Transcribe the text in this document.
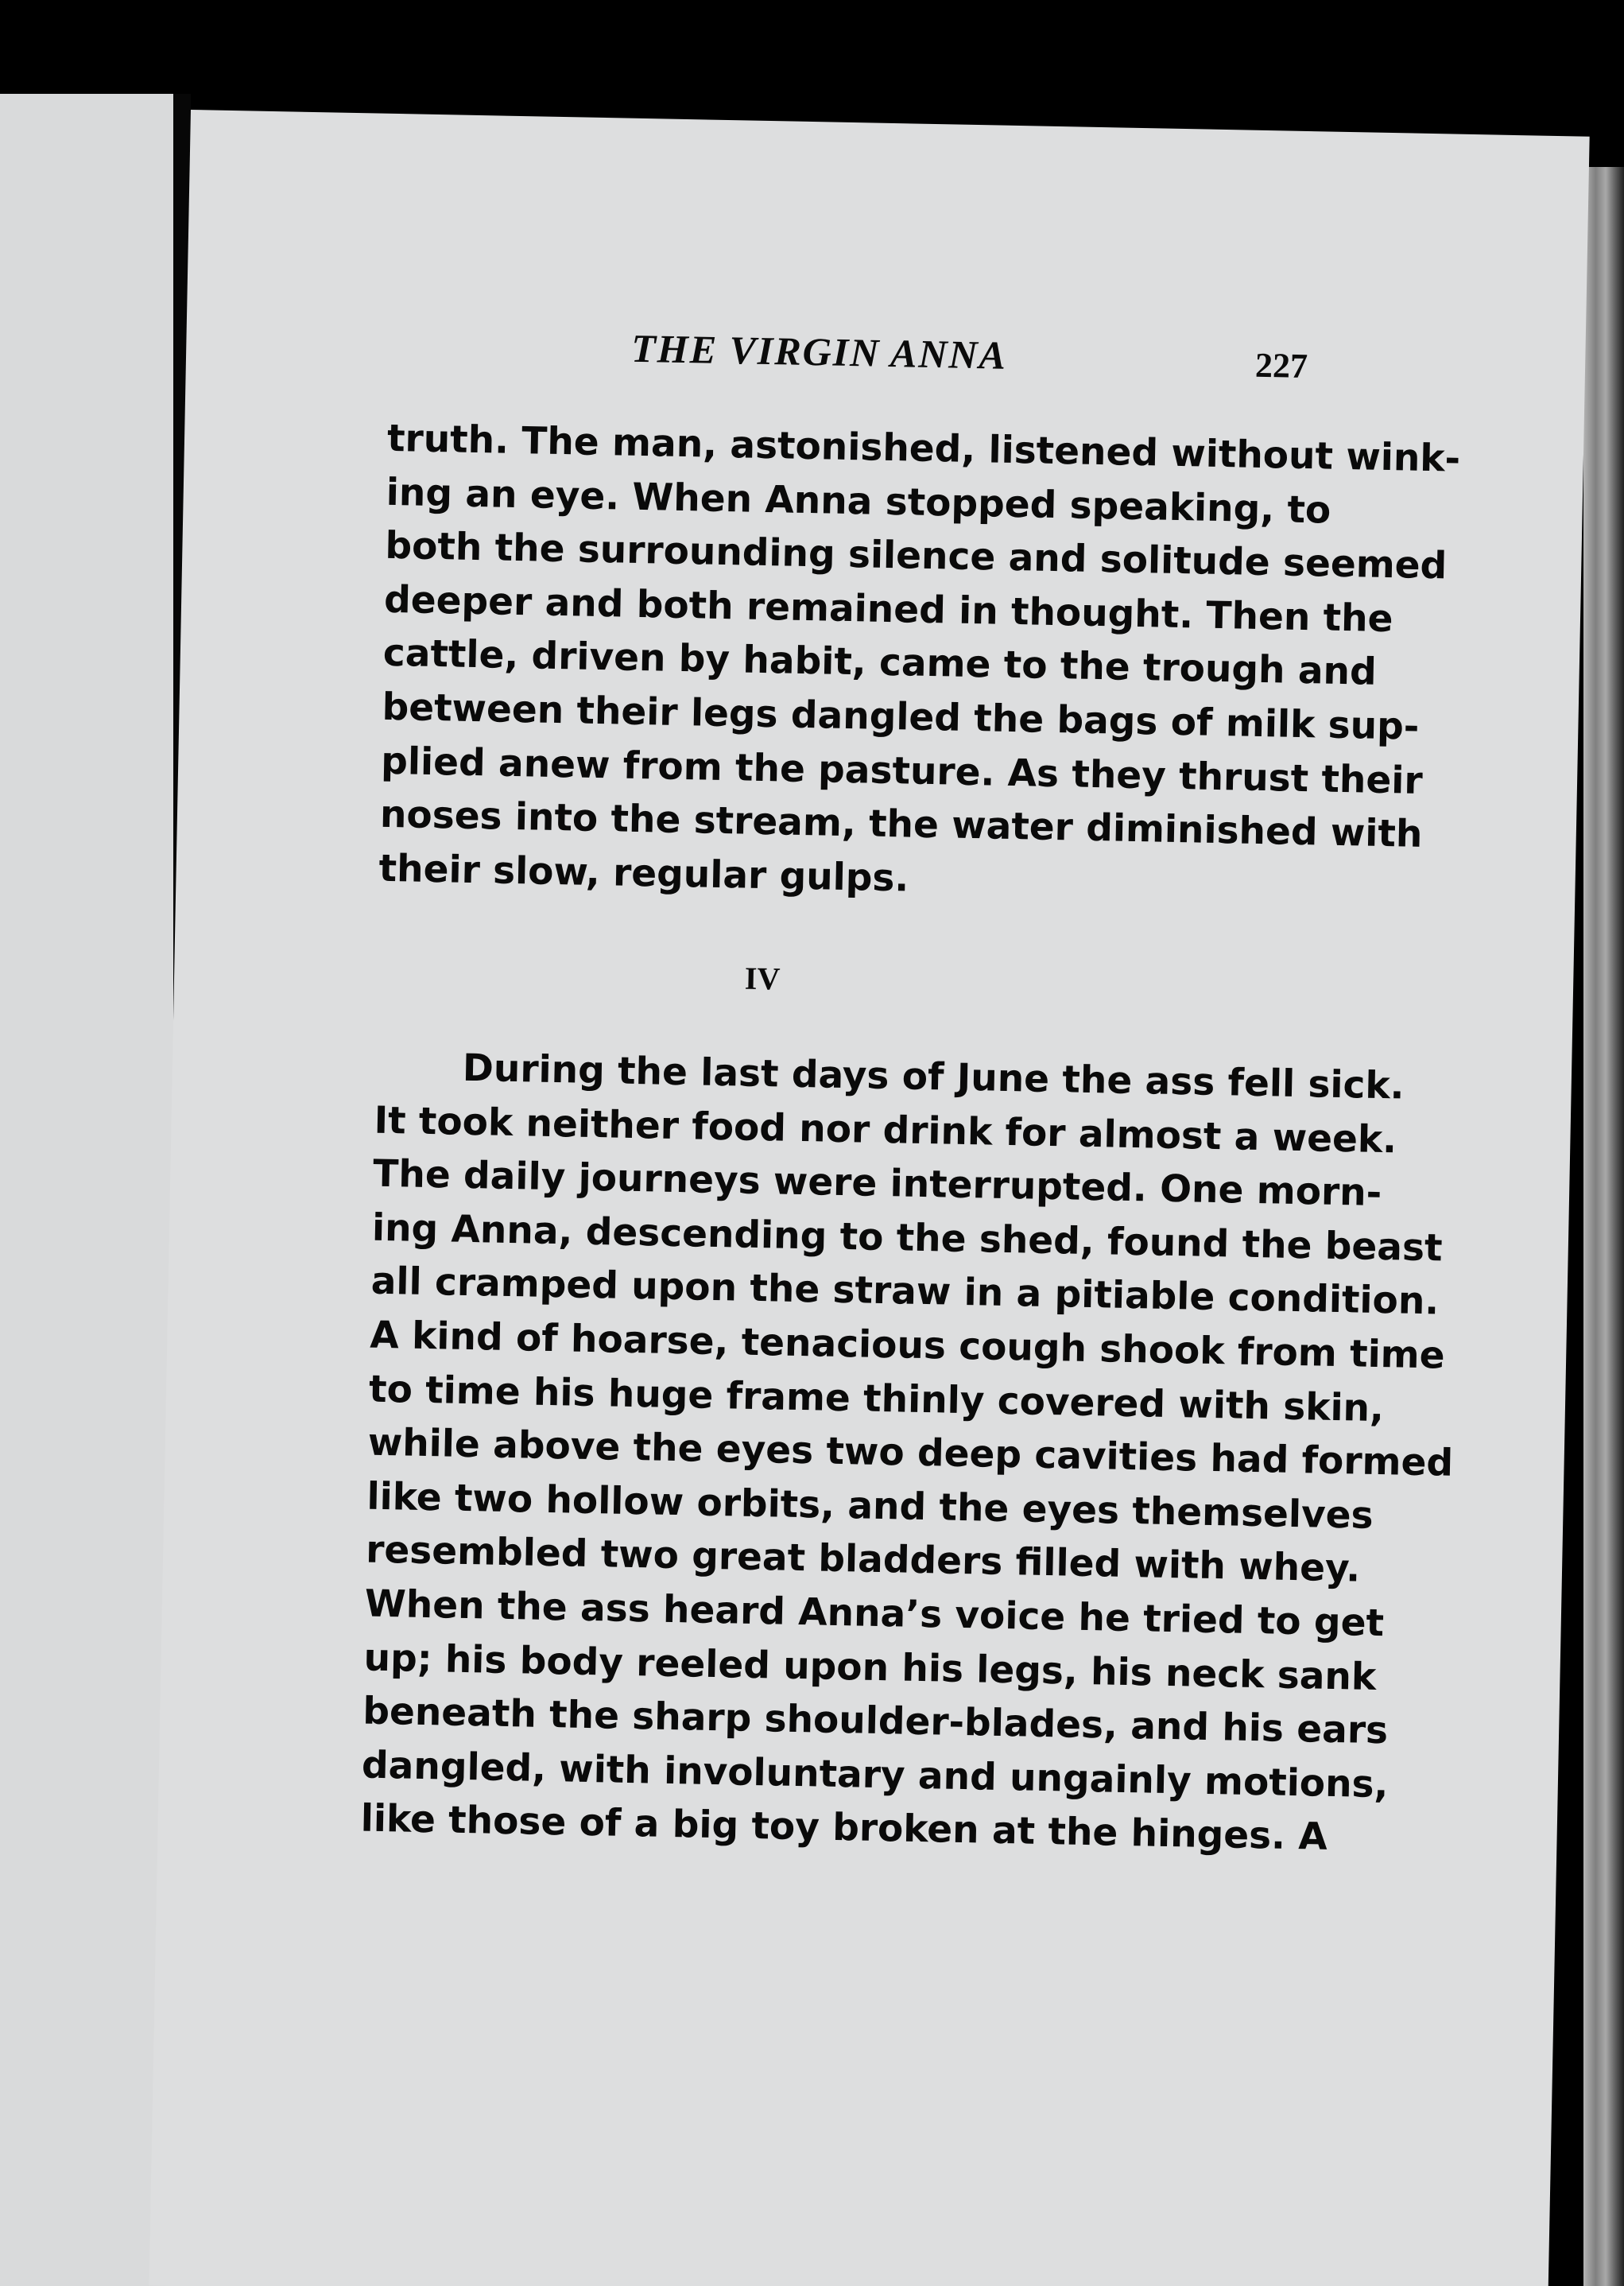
THE VIRGIN ANNA	227
truth. The man, astonished, listened without wink-
ing an eye. When Anna stopped speaking, to
both the surrounding silence and solitude seemed
deeper and both remained in thought. Then the
cattle, driven by habit, came to the trough and
between their legs dangled the bags of milk sup-
plied anew from the pasture. As they thrust their
noses into the stream, the water diminished with
their slow, regular gulps.
IV
During the last days of June the ass fell sick.
It took neither food nor drink for almost a week.
The daily journeys were interrupted. One morn-
ing Anna, descending to the shed, found the beast
all cramped upon the straw in a pitiable condition.
A kind of hoarse, tenacious cough shook from time
to time his huge frame thinly covered with skin,
while above the eyes two deep cavities had formed
like two hollow orbits, and the eyes themselves
resembled two great bladders filled with whey.
When the ass heard Anna’s voice he tried to get
up; his body reeled upon his legs, his neck sank
beneath the sharp shoulder-blades, and his ears
dangled, with involuntary and ungainly motions,
like those of a big toy broken at the hinges. A
